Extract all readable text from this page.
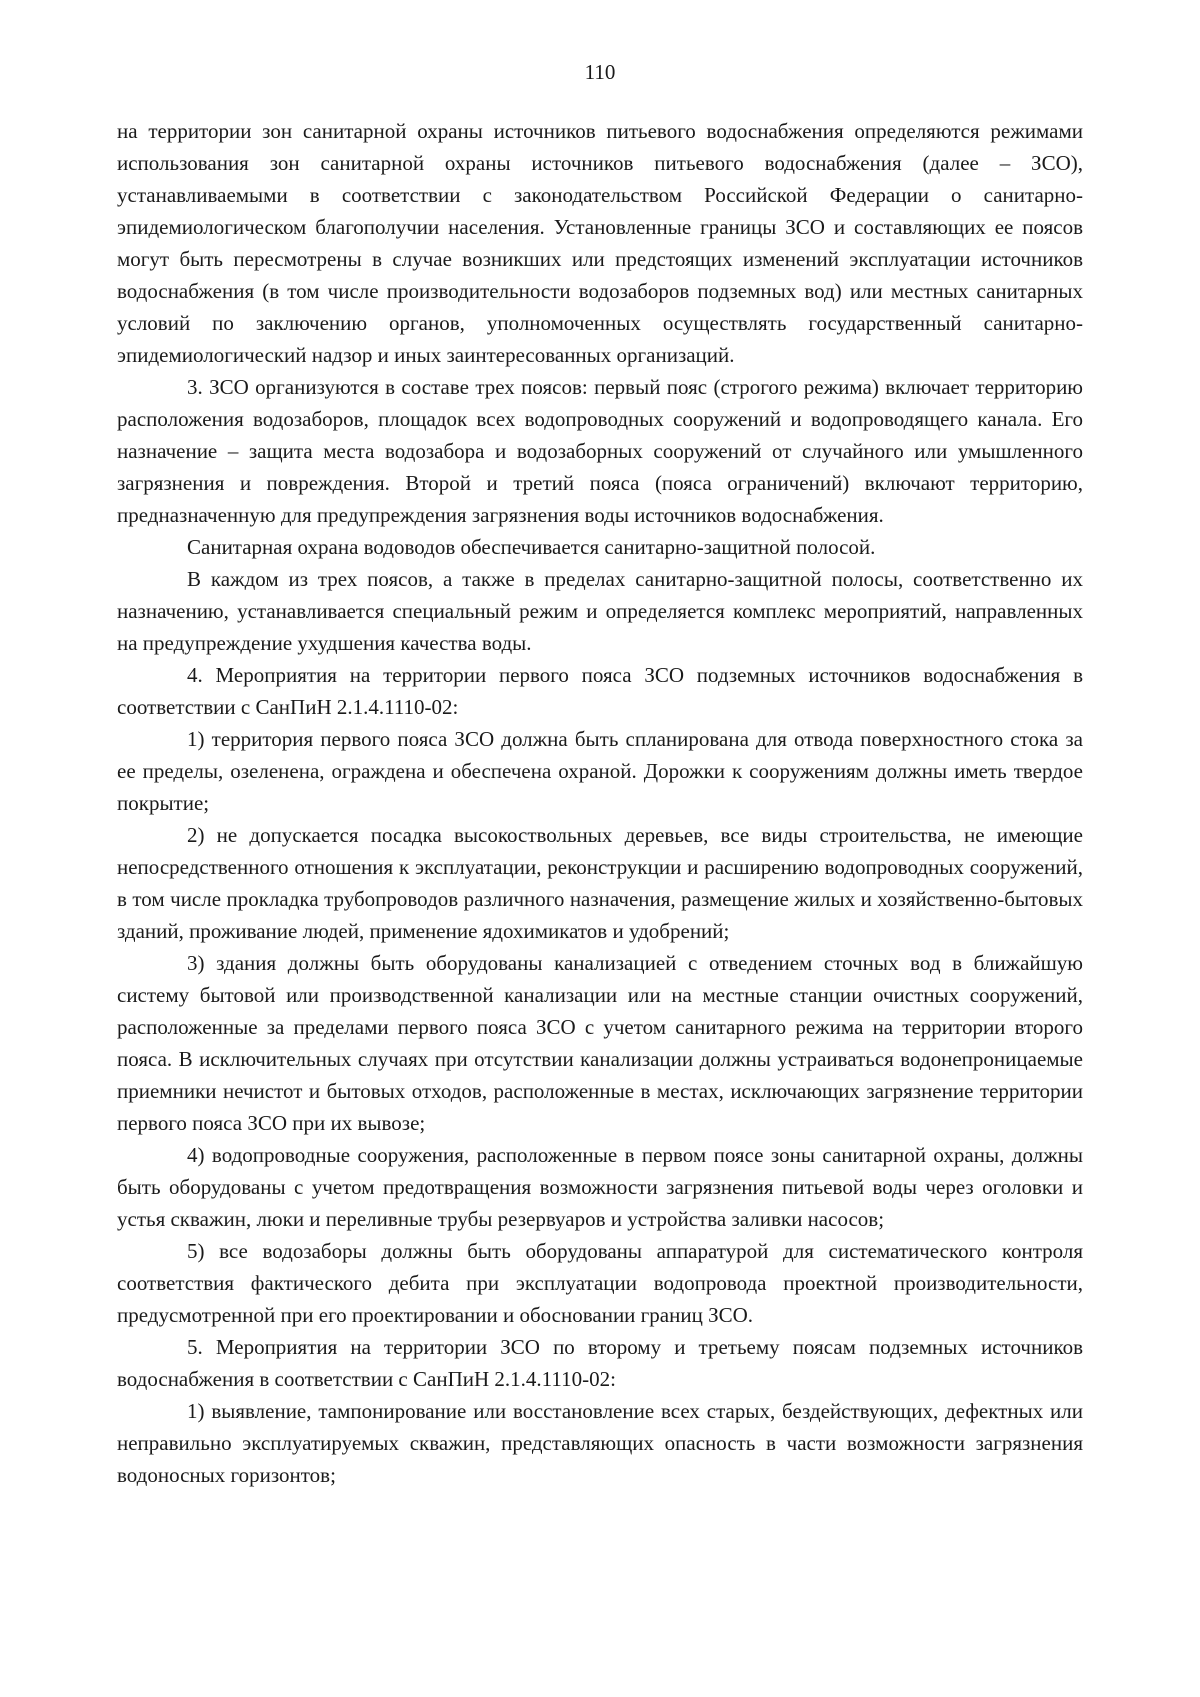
110

на территории зон санитарной охраны источников питьевого водоснабжения определяются режимами использования зон санитарной охраны источников питьевого водоснабжения (далее – ЗСО), устанавливаемыми в соответствии с законодательством Российской Федерации о санитарно-эпидемиологическом благополучии населения. Установленные границы ЗСО и составляющих ее поясов могут быть пересмотрены в случае возникших или предстоящих изменений эксплуатации источников водоснабжения (в том числе производительности водозаборов подземных вод) или местных санитарных условий по заключению органов, уполномоченных осуществлять государственный санитарно-эпидемиологический надзор и иных заинтересованных организаций.

3. ЗСО организуются в составе трех поясов: первый пояс (строгого режима) включает территорию расположения водозаборов, площадок всех водопроводных сооружений и водопроводящего канала. Его назначение – защита места водозабора и водозаборных сооружений от случайного или умышленного загрязнения и повреждения. Второй и третий пояса (пояса ограничений) включают территорию, предназначенную для предупреждения загрязнения воды источников водоснабжения.

Санитарная охрана водоводов обеспечивается санитарно-защитной полосой.

В каждом из трех поясов, а также в пределах санитарно-защитной полосы, соответственно их назначению, устанавливается специальный режим и определяется комплекс мероприятий, направленных на предупреждение ухудшения качества воды.

4. Мероприятия на территории первого пояса ЗСО подземных источников водоснабжения в соответствии с СанПиН 2.1.4.1110-02:

1) территория первого пояса ЗСО должна быть спланирована для отвода поверхностного стока за ее пределы, озеленена, ограждена и обеспечена охраной. Дорожки к сооружениям должны иметь твердое покрытие;

2) не допускается посадка высокоствольных деревьев, все виды строительства, не имеющие непосредственного отношения к эксплуатации, реконструкции и расширению водопроводных сооружений, в том числе прокладка трубопроводов различного назначения, размещение жилых и хозяйственно-бытовых зданий, проживание людей, применение ядохимикатов и удобрений;

3) здания должны быть оборудованы канализацией с отведением сточных вод в ближайшую систему бытовой или производственной канализации или на местные станции очистных сооружений, расположенные за пределами первого пояса ЗСО с учетом санитарного режима на территории второго пояса. В исключительных случаях при отсутствии канализации должны устраиваться водонепроницаемые приемники нечистот и бытовых отходов, расположенные в местах, исключающих загрязнение территории первого пояса ЗСО при их вывозе;

4) водопроводные сооружения, расположенные в первом поясе зоны санитарной охраны, должны быть оборудованы с учетом предотвращения возможности загрязнения питьевой воды через оголовки и устья скважин, люки и переливные трубы резервуаров и устройства заливки насосов;

5) все водозаборы должны быть оборудованы аппаратурой для систематического контроля соответствия фактического дебита при эксплуатации водопровода проектной производительности, предусмотренной при его проектировании и обосновании границ ЗСО.

5. Мероприятия на территории ЗСО по второму и третьему поясам подземных источников водоснабжения в соответствии с СанПиН 2.1.4.1110-02:

1) выявление, тампонирование или восстановление всех старых, бездействующих, дефектных или неправильно эксплуатируемых скважин, представляющих опасность в части возможности загрязнения водоносных горизонтов;
